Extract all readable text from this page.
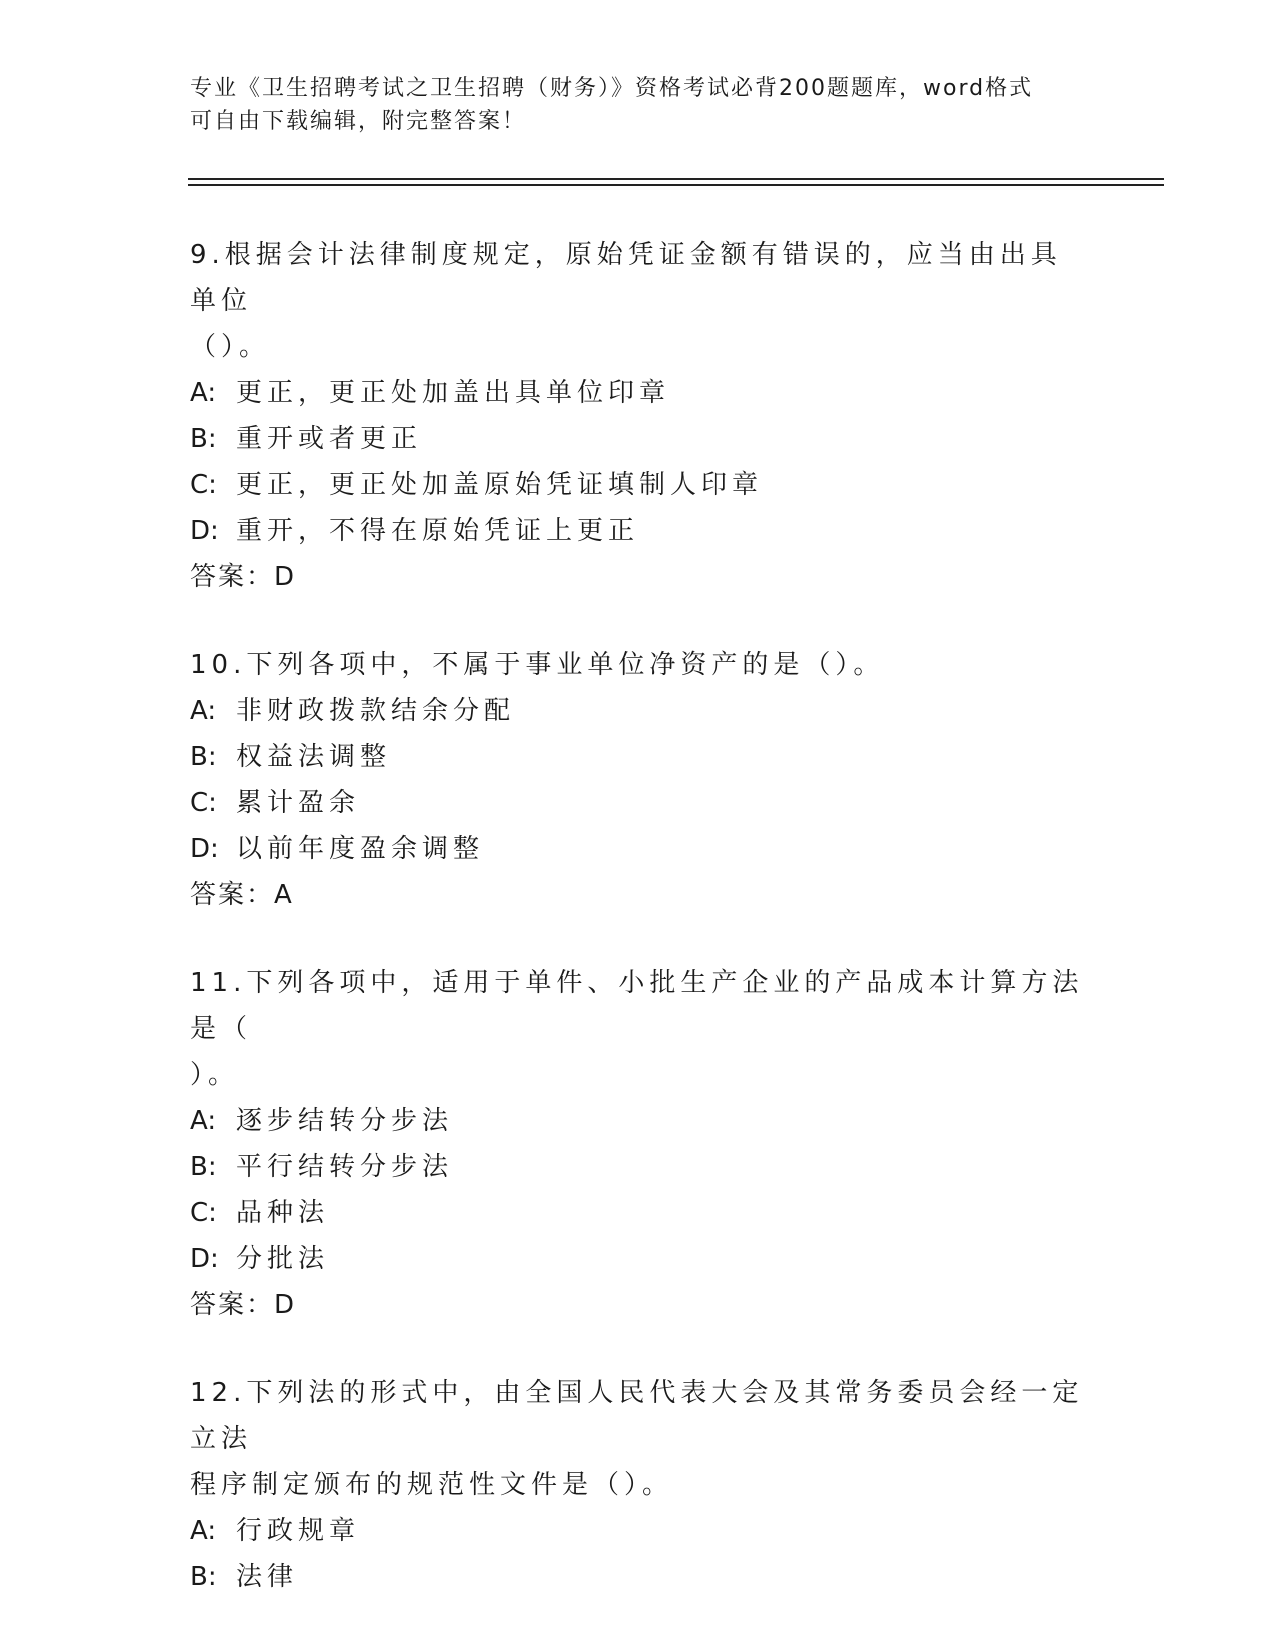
专业《卫生招聘考试之卫生招聘（财务）》资格考试必背200题题库，word格式
可自由下载编辑，附完整答案！
9.根据会计法律制度规定，原始凭证金额有错误的，应当由出具单位
（）。
A: 更正，更正处加盖出具单位印章
B: 重开或者更正
C: 更正，更正处加盖原始凭证填制人印章
D: 重开，不得在原始凭证上更正
答案：D
10.下列各项中，不属于事业单位净资产的是（）。
A: 非财政拨款结余分配
B: 权益法调整
C: 累计盈余
D: 以前年度盈余调整
答案：A
11.下列各项中，适用于单件、小批生产企业的产品成本计算方法是（
）。
A: 逐步结转分步法
B: 平行结转分步法
C: 品种法
D: 分批法
答案：D
12.下列法的形式中，由全国人民代表大会及其常务委员会经一定立法
程序制定颁布的规范性文件是（）。
A: 行政规章
B: 法律
